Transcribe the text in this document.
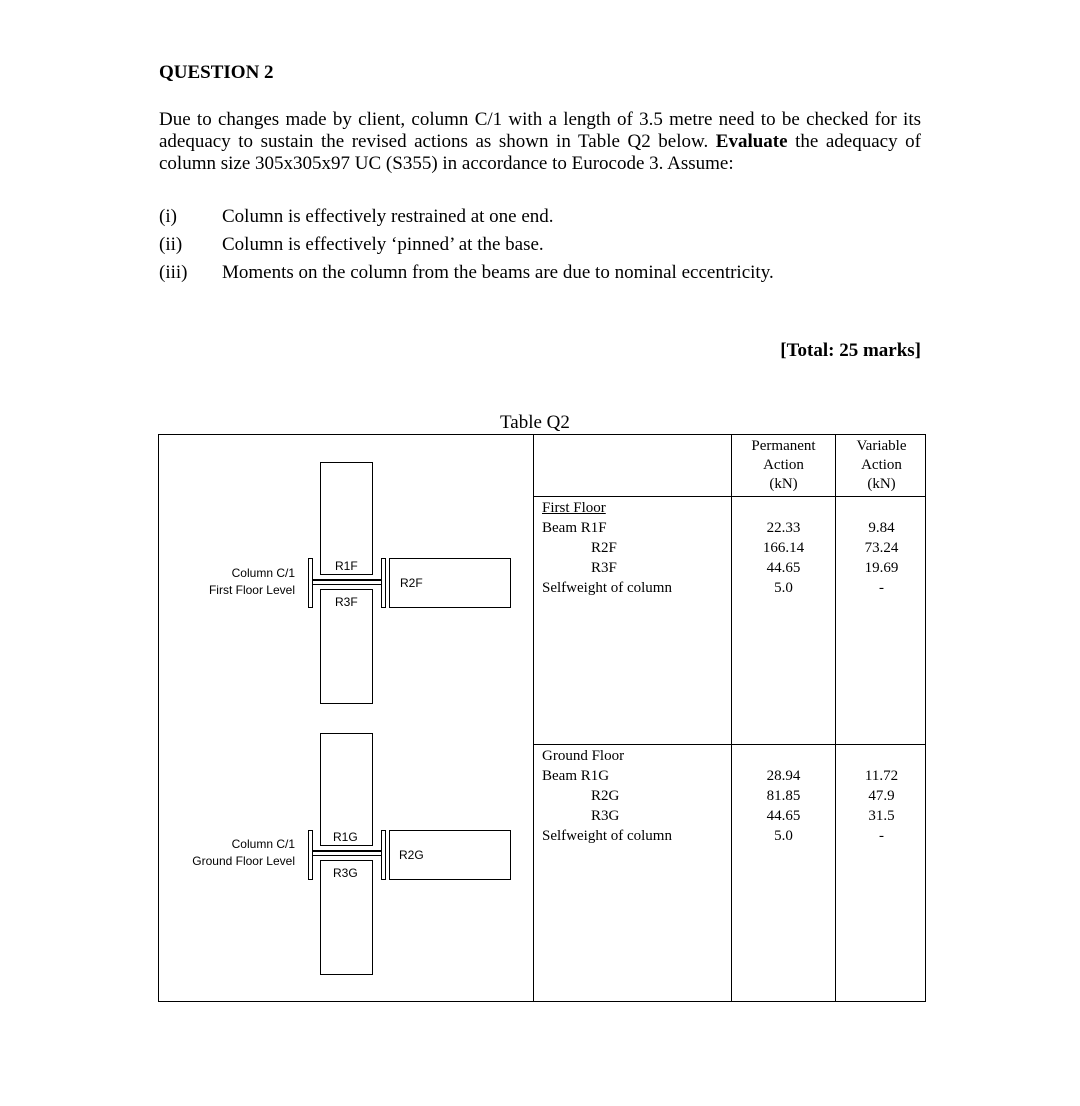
QUESTION 2
Due to changes made by client, column C/1 with a length of 3.5 metre need to be checked for its adequacy to sustain the revised actions as shown in Table Q2 below. Evaluate the adequacy of column size 305x305x97 UC (S355) in accordance to Eurocode 3. Assume:
(i) Column is effectively restrained at one end.
(ii) Column is effectively ‘pinned’ at the base.
(iii) Moments on the column from the beams are due to nominal eccentricity.
[Total: 25 marks]
Table Q2
Permanent
Action
(kN)
Variable
Action
(kN)
First Floor
Beam R1F
R2F
R3F
Selfweight of column
22.33
166.14
44.65
5.0
9.84
73.24
19.69
-
Ground Floor
Beam R1G
R2G
R3G
Selfweight of column
28.94
81.85
44.65
5.0
11.72
47.9
31.5
-
Column C/1
First Floor Level
R1F
R3F
R2F
Column C/1
Ground Floor Level
R1G
R3G
R2G
